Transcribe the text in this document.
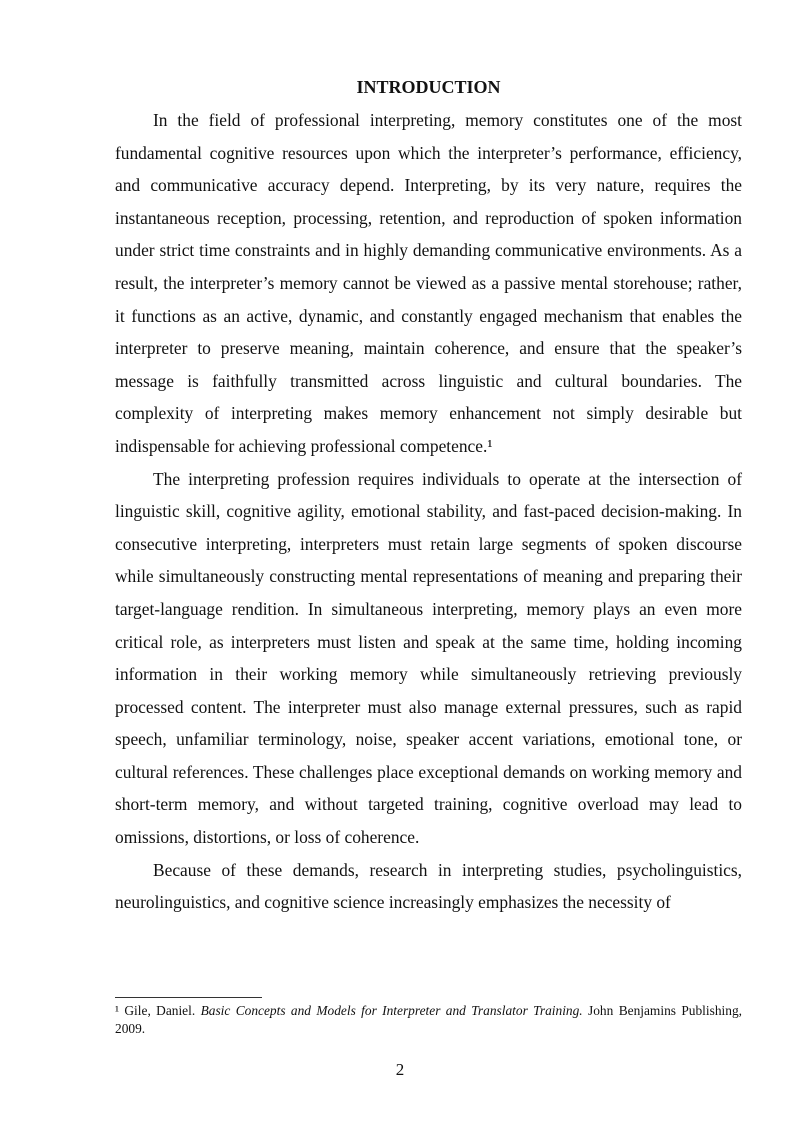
INTRODUCTION

In the field of professional interpreting, memory constitutes one of the most fundamental cognitive resources upon which the interpreter’s performance, efficiency, and communicative accuracy depend. Interpreting, by its very nature, requires the instantaneous reception, processing, retention, and reproduction of spoken information under strict time constraints and in highly demanding communicative environments. As a result, the interpreter’s memory cannot be viewed as a passive mental storehouse; rather, it functions as an active, dynamic, and constantly engaged mechanism that enables the interpreter to preserve meaning, maintain coherence, and ensure that the speaker’s message is faithfully transmitted across linguistic and cultural boundaries. The complexity of interpreting makes memory enhancement not simply desirable but indispensable for achieving professional competence.¹

The interpreting profession requires individuals to operate at the intersection of linguistic skill, cognitive agility, emotional stability, and fast-paced decision-making. In consecutive interpreting, interpreters must retain large segments of spoken discourse while simultaneously constructing mental representations of meaning and preparing their target-language rendition. In simultaneous interpreting, memory plays an even more critical role, as interpreters must listen and speak at the same time, holding incoming information in their working memory while simultaneously retrieving previously processed content. The interpreter must also manage external pressures, such as rapid speech, unfamiliar terminology, noise, speaker accent variations, emotional tone, or cultural references. These challenges place exceptional demands on working memory and short-term memory, and without targeted training, cognitive overload may lead to omissions, distortions, or loss of coherence.

Because of these demands, research in interpreting studies, psycholinguistics, neurolinguistics, and cognitive science increasingly emphasizes the necessity of

¹ Gile, Daniel. Basic Concepts and Models for Interpreter and Translator Training. John Benjamins Publishing, 2009.
2
